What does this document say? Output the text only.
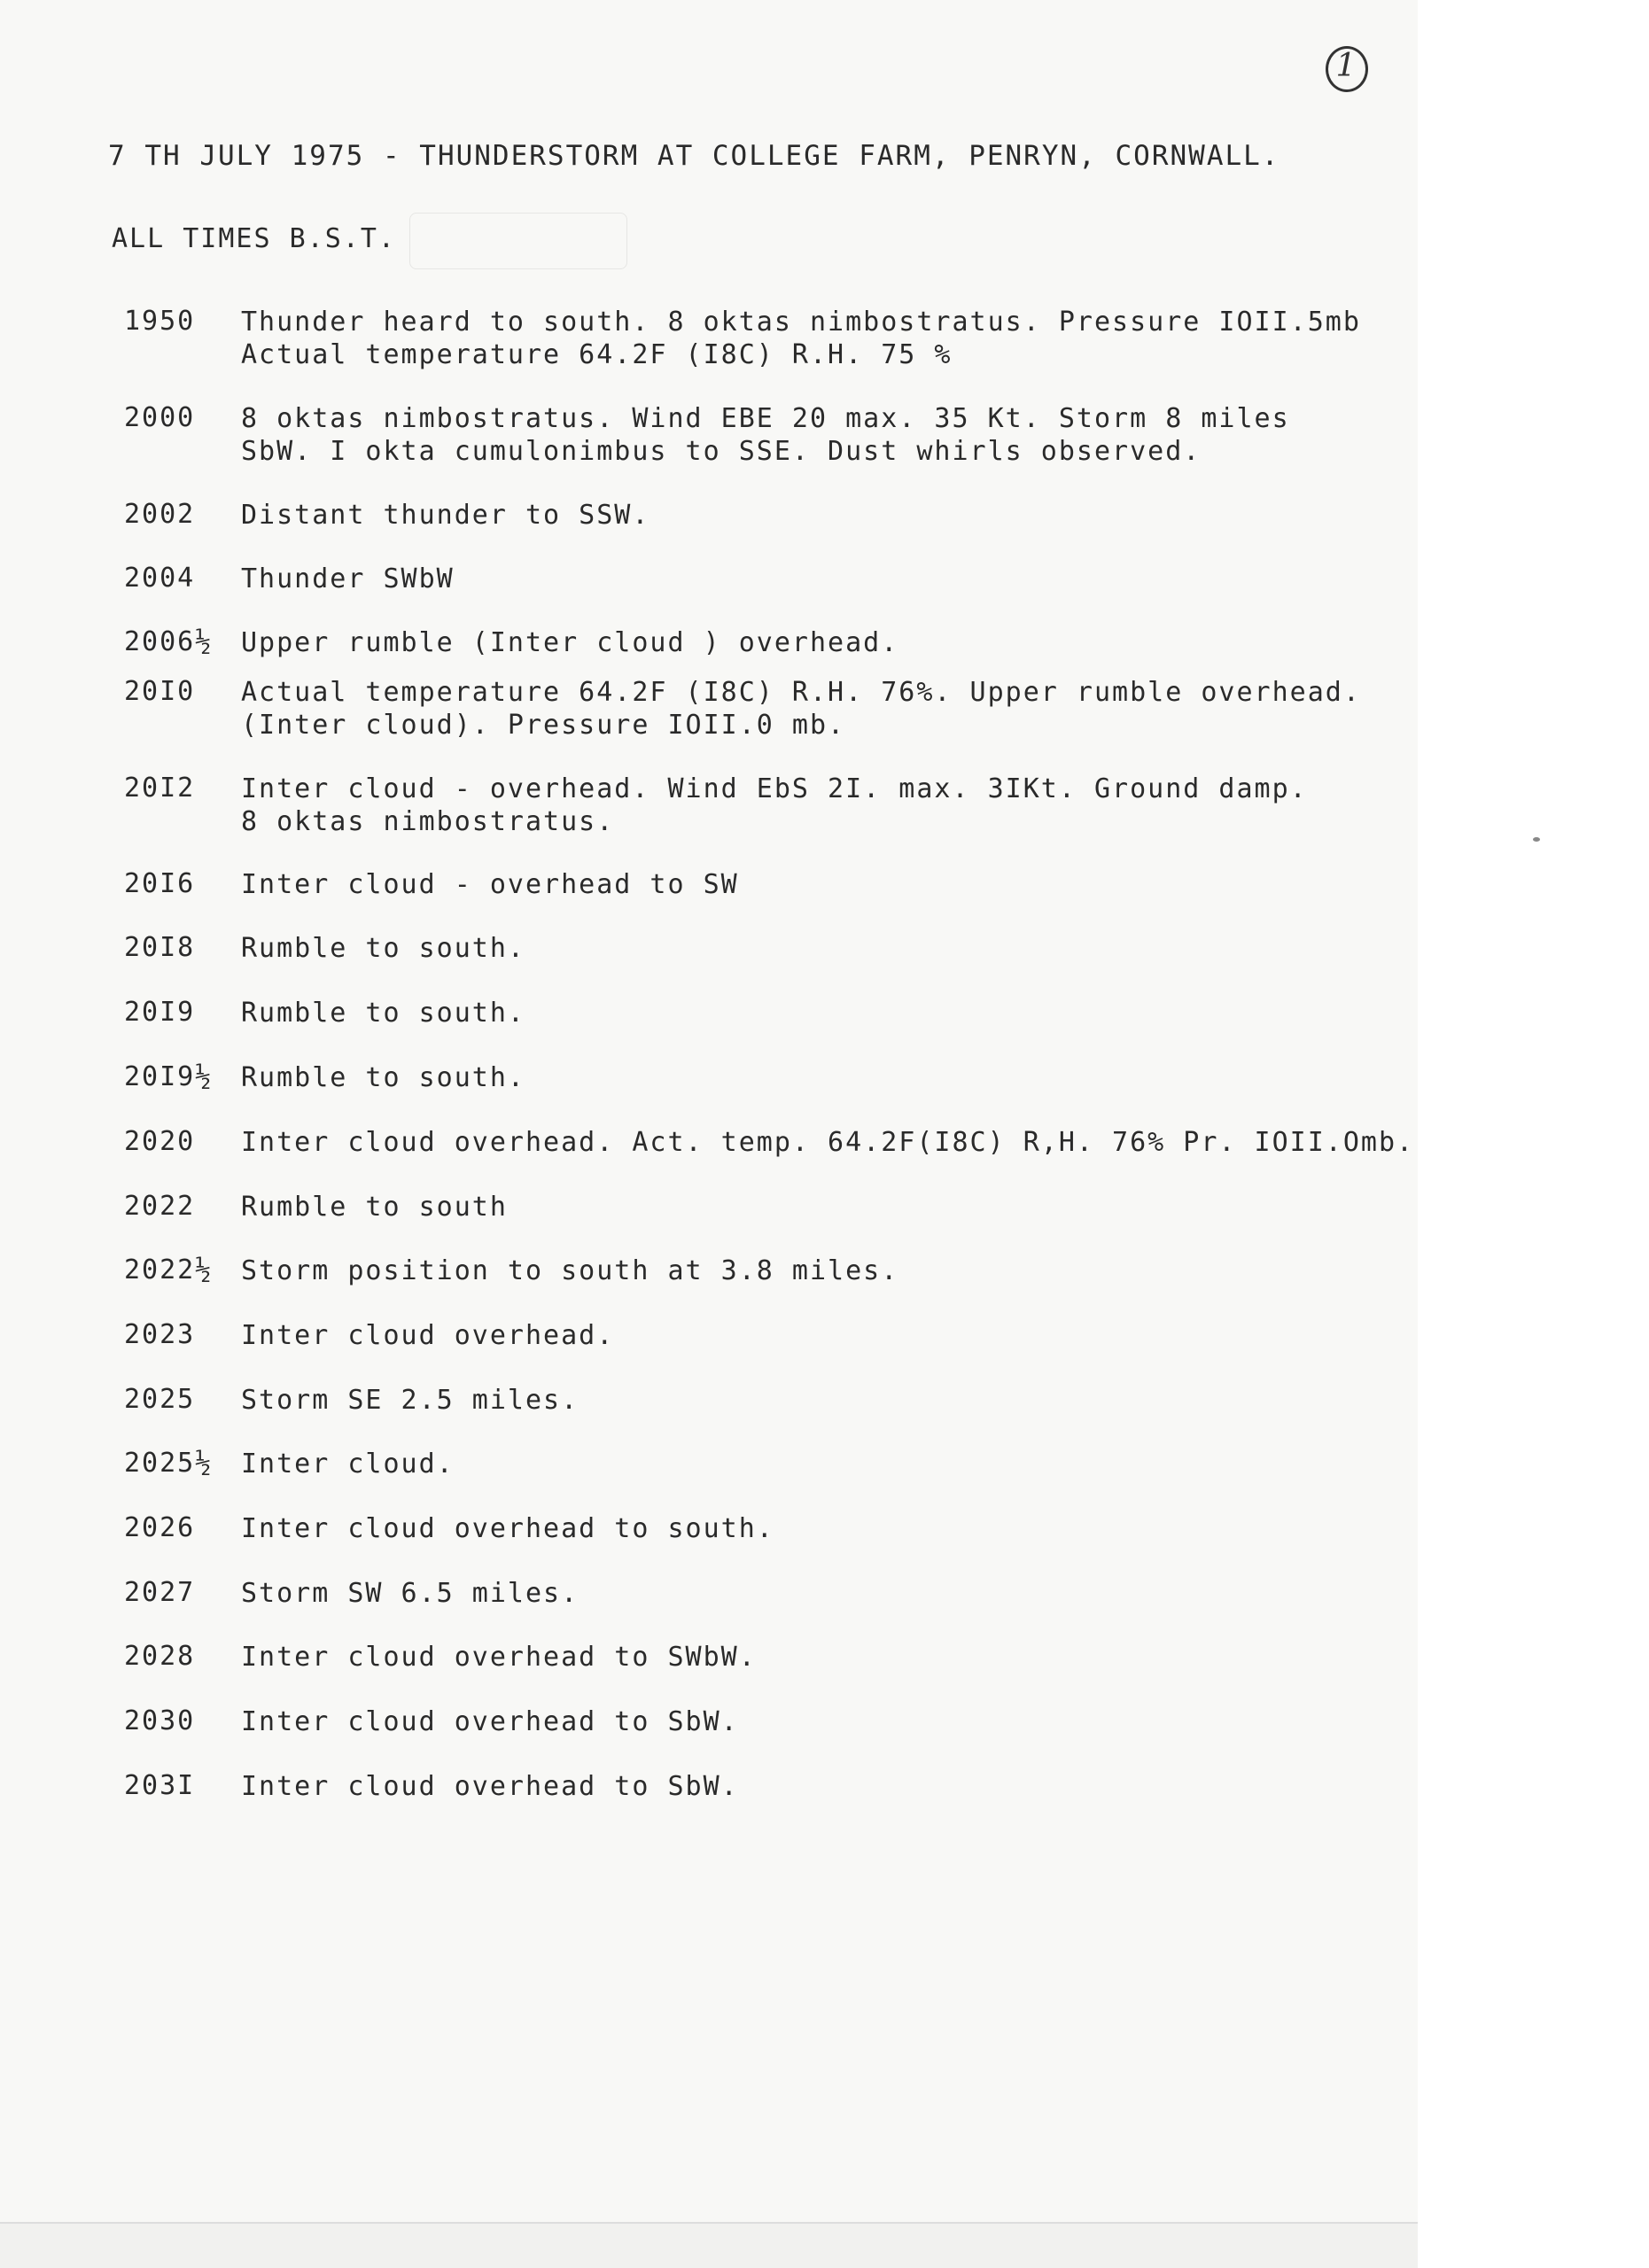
1
7 TH JULY 1975 - THUNDERSTORM AT COLLEGE FARM, PENRYN, CORNWALL.
ALL TIMES B.S.T.
1950	Thunder heard to south. 8 oktas nimbostratus. Pressure IOII.5mb
Actual temperature 64.2F (I8C) R.H. 75 %
2000	8 oktas nimbostratus. Wind EBE 20 max. 35 Kt. Storm 8 miles
SbW. I okta cumulonimbus to SSE. Dust whirls observed.
2002	Distant thunder to SSW.
2004	Thunder SWbW
2006½	Upper rumble (Inter cloud ) overhead.
20I0	Actual temperature 64.2F (I8C) R.H. 76%. Upper rumble overhead.
(Inter cloud). Pressure IOII.0 mb.
20I2	Inter cloud - overhead. Wind EbS 2I. max. 3IKt. Ground damp.
8 oktas nimbostratus.
20I6	Inter cloud - overhead to SW
20I8	Rumble to south.
20I9	Rumble to south.
20I9½	Rumble to south.
2020	Inter cloud overhead. Act. temp. 64.2F(I8C) R,H. 76% Pr. IOII.Omb.
2022	Rumble to south
2022½	Storm position to south at 3.8 miles.
2023	Inter cloud overhead.
2025	Storm SE 2.5 miles.
2025½	Inter cloud.
2026	Inter cloud overhead to south.
2027	Storm SW 6.5 miles.
2028	Inter cloud overhead to SWbW.
2030	Inter cloud overhead to SbW.
203I	Inter cloud overhead to SbW.
